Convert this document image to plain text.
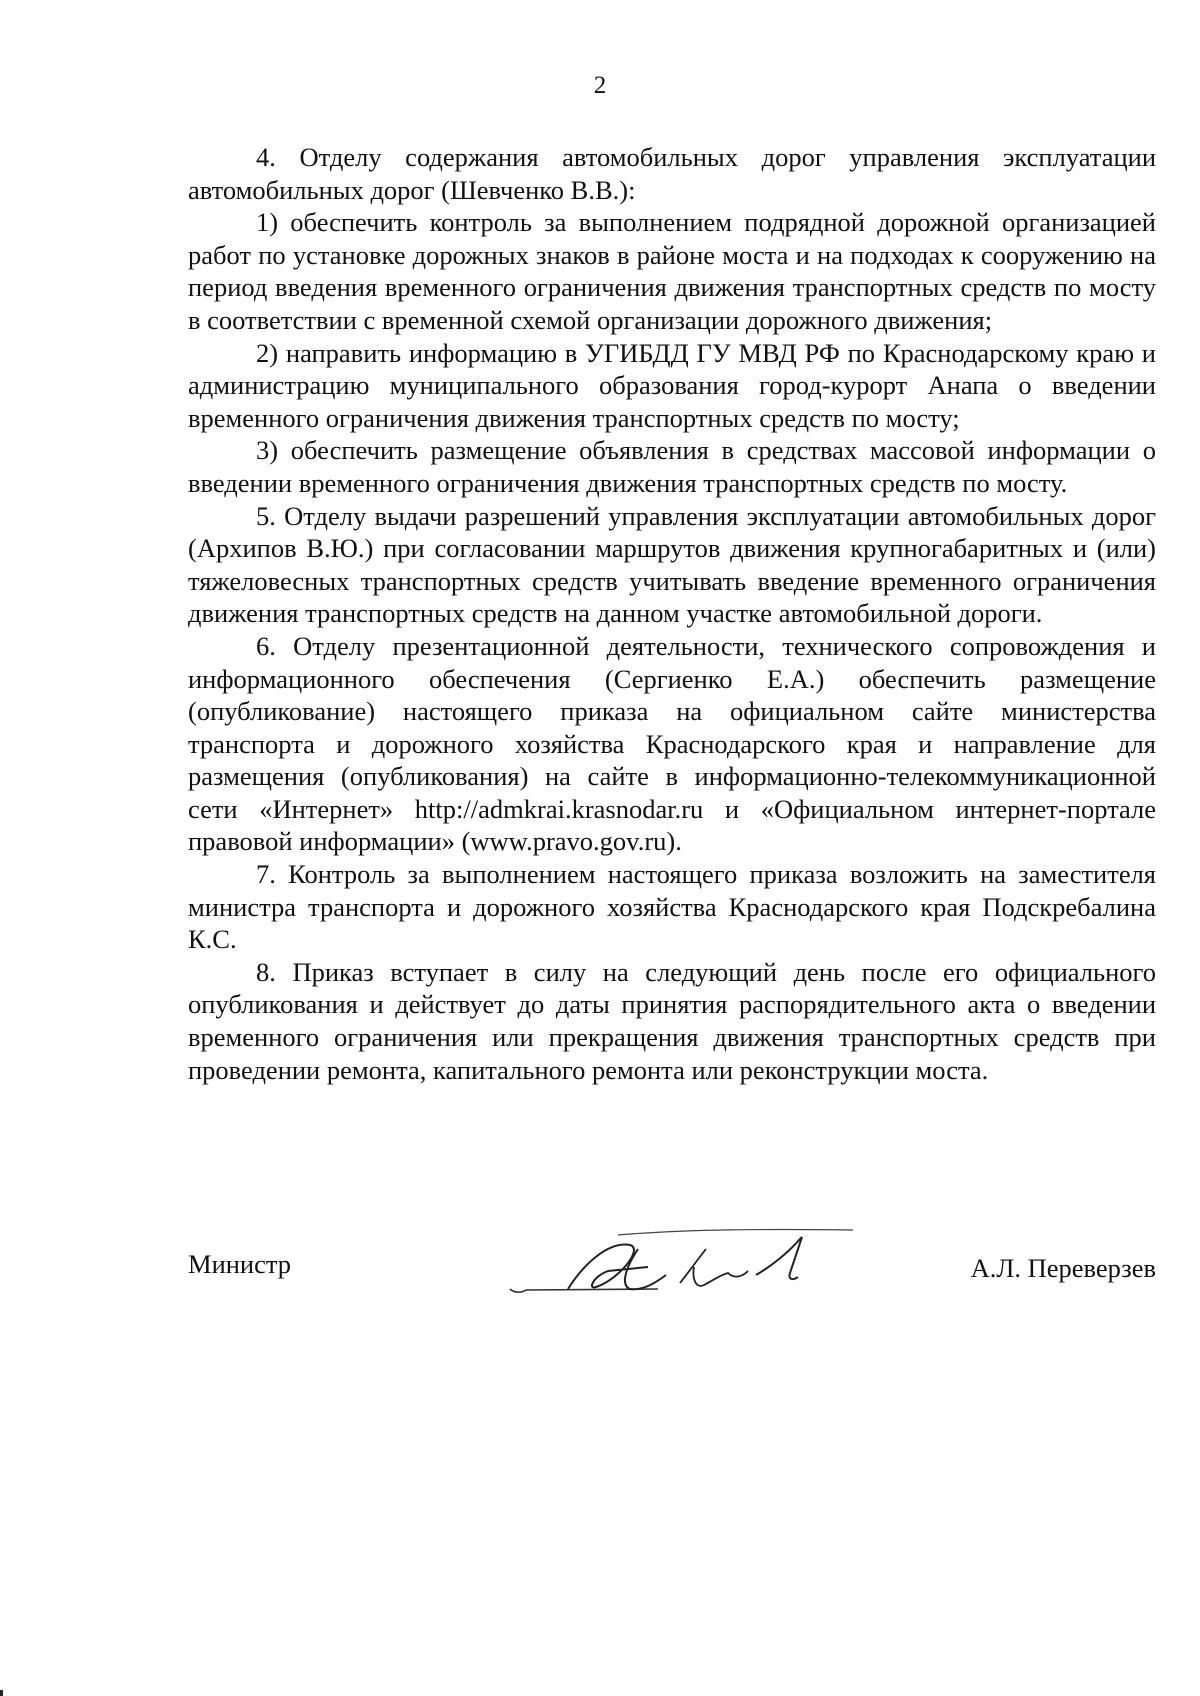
2

4. Отделу содержания автомобильных дорог управления эксплуатации автомобильных дорог (Шевченко В.В.):

1) обеспечить контроль за выполнением подрядной дорожной организацией работ по установке дорожных знаков в районе моста и на подходах к сооружению на период введения временного ограничения движения транспортных средств по мосту в соответствии с временной схемой организации дорожного движения;

2) направить информацию в УГИБДД ГУ МВД РФ по Краснодарскому краю и администрацию муниципального образования город-курорт Анапа о введении временного ограничения движения транспортных средств по мосту;

3) обеспечить размещение объявления в средствах массовой информации о введении временного ограничения движения транспортных средств по мосту.

5. Отделу выдачи разрешений управления эксплуатации автомобильных дорог (Архипов В.Ю.) при согласовании маршрутов движения крупногабаритных и (или) тяжеловесных транспортных средств учитывать введение временного ограничения движения транспортных средств на данном участке автомобильной дороги.

6. Отделу презентационной деятельности, технического сопровождения и информационного обеспечения (Сергиенко Е.А.) обеспечить размещение (опубликование) настоящего приказа на официальном сайте министерства транспорта и дорожного хозяйства Краснодарского края и направление для размещения (опубликования) на сайте в информационно-телекоммуникационной сети «Интернет» http://admkrai.krasnodar.ru и «Официальном интернет-портале правовой информации» (www.pravo.gov.ru).

7. Контроль за выполнением настоящего приказа возложить на заместителя министра транспорта и дорожного хозяйства Краснодарского края Подскребалина К.С.

8. Приказ вступает в силу на следующий день после его официального опубликования и действует до даты принятия распорядительного акта о введении временного ограничения или прекращения движения транспортных средств при проведении ремонта, капитального ремонта или реконструкции моста.

Министр	А.Л. Переверзев
